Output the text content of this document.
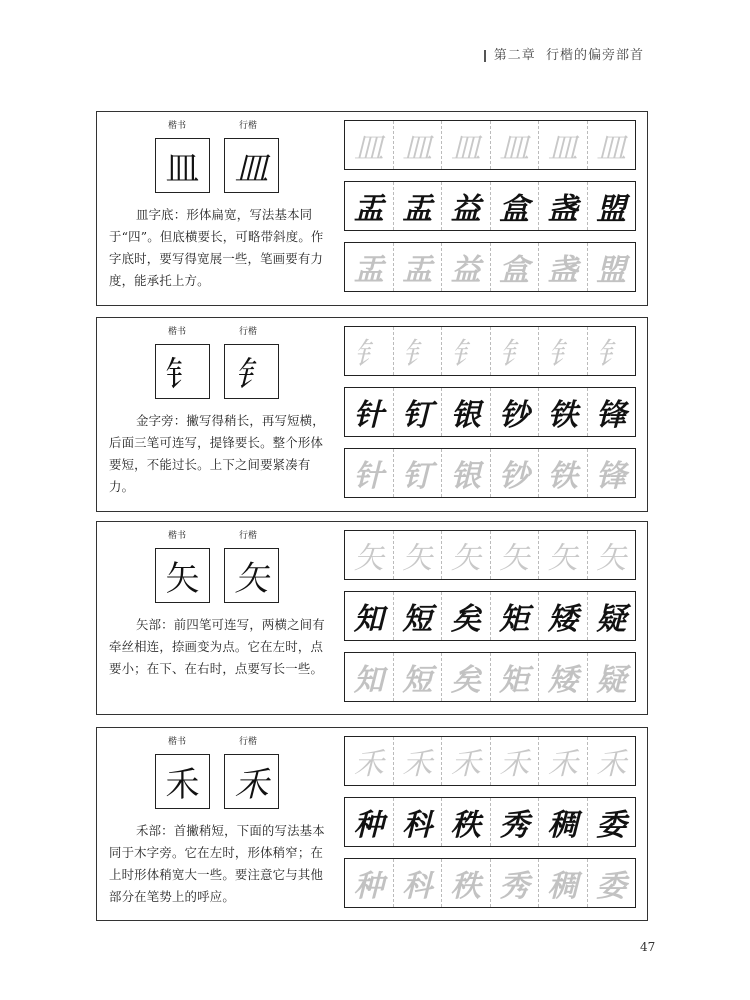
第二章 行楷的偏旁部首
楷书	行楷
皿	皿
皿字底：形体扁宽，写法基本同于“四”。但底横要长，可略带斜度。作字底时，要写得宽展一些，笔画要有力度，能承托上方。
皿 皿 皿 皿 皿 皿
盂 盂 益 盒 盏 盟
盂 盂 益 盒 盏 盟
楷书	行楷
钅	钅
金字旁：撇写得稍长，再写短横，后面三笔可连写，提锋要长。整个形体要短，不能过长。上下之间要紧凑有力。
钅 钅 钅 钅 钅 钅
针 钉 银 钞 铁 锋
针 钉 银 钞 铁 锋
楷书	行楷
矢	矢
矢部：前四笔可连写，两横之间有牵丝相连，捺画变为点。它在左时，点要小；在下、在右时，点要写长一些。
矢 矢 矢 矢 矢 矢
知 短 矣 矩 矮 疑
知 短 矣 矩 矮 疑
楷书	行楷
禾	禾
禾部：首撇稍短，下面的写法基本同于木字旁。它在左时，形体稍窄；在上时形体稍宽大一些。要注意它与其他部分在笔势上的呼应。
禾 禾 禾 禾 禾 禾
种 科 秩 秀 稠 委
种 科 秩 秀 稠 委
47
